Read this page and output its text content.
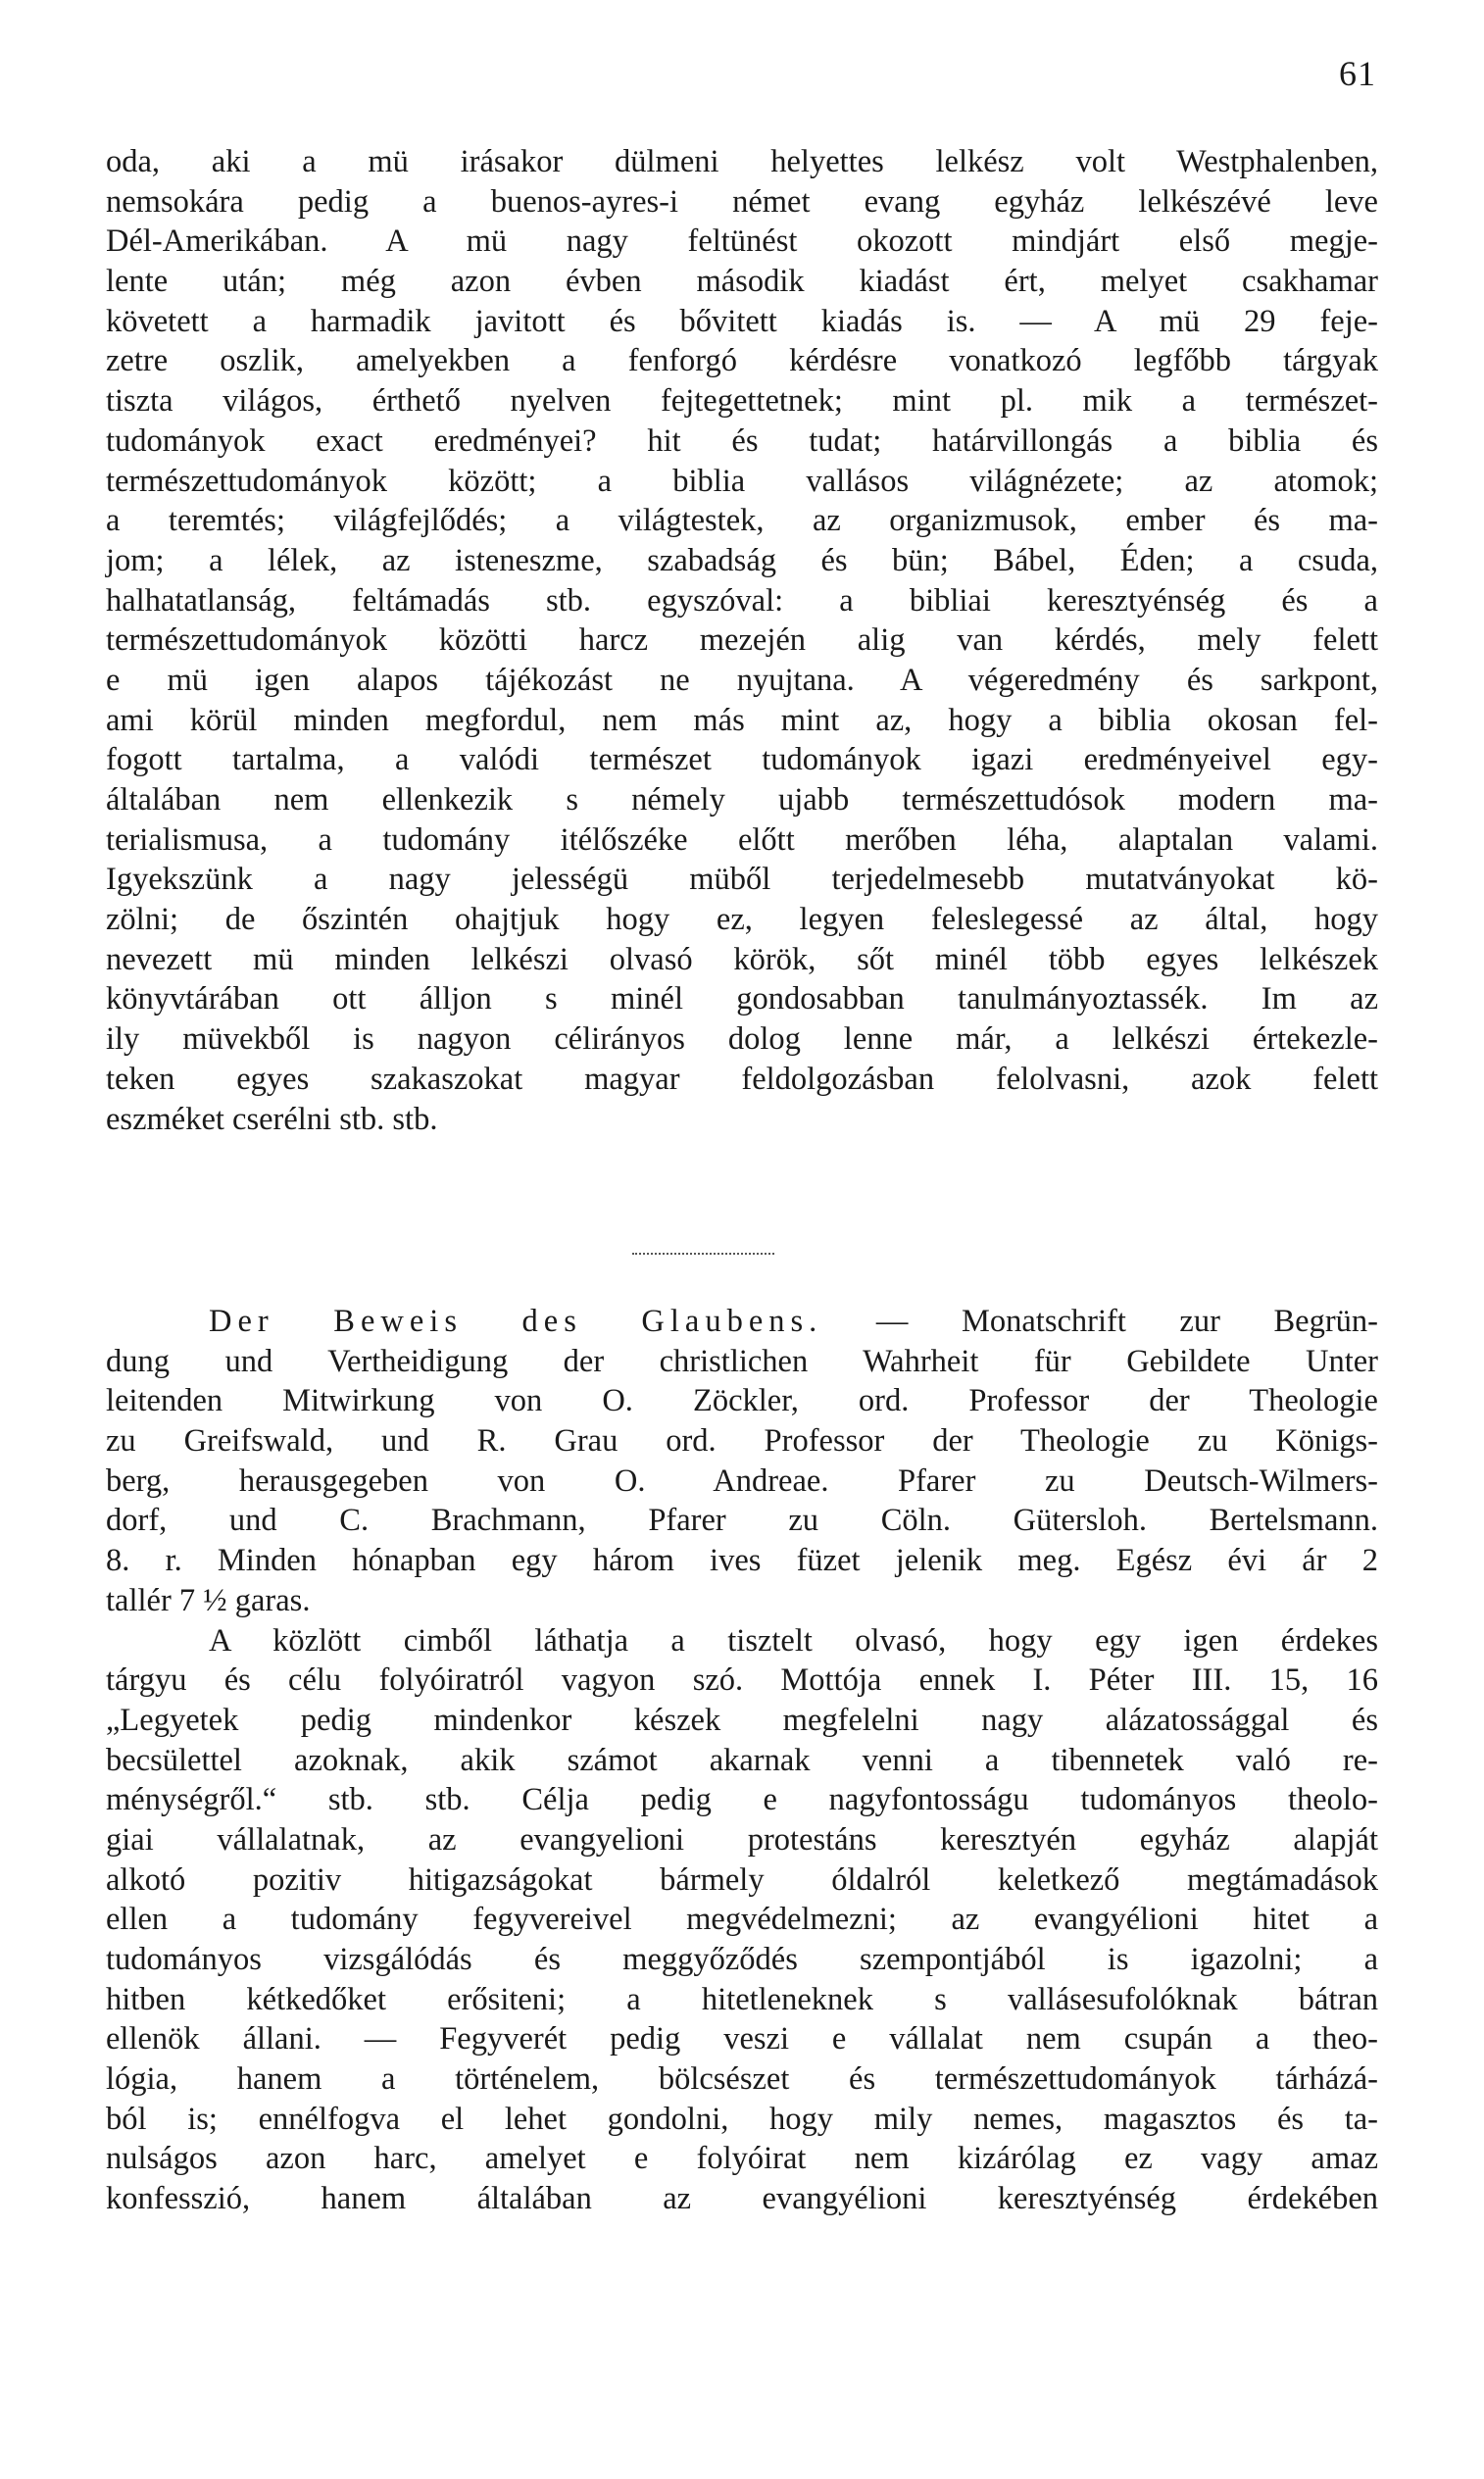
61
oda, aki a mü irásakor dülmeni helyettes lelkész volt Westphalenben,
nemsokára pedig a buenos-ayres-i német evang egyház lelkészévé leve
Dél-Amerikában. A mü nagy feltünést okozott mindjárt első megje-
lente után; még azon évben második kiadást ért, melyet csakhamar
követett a harmadik javitott és bővitett kiadás is. — A mü 29 feje-
zetre oszlik, amelyekben a fenforgó kérdésre vonatkozó legfőbb tárgyak
tiszta világos, érthető nyelven fejtegettetnek; mint pl. mik a természet-
tudományok exact eredményei? hit és tudat; határvillongás a biblia és
természettudományok között; a biblia vallásos világnézete; az atomok;
a teremtés; világfejlődés; a világtestek, az organizmusok, ember és ma-
jom; a lélek, az isteneszme, szabadság és bün; Bábel, Éden; a csuda,
halhatatlanság, feltámadás stb. egyszóval: a bibliai keresztyénség és a
természettudományok közötti harcz mezején alig van kérdés, mely felett
e mü igen alapos tájékozást ne nyujtana. A végeredmény és sarkpont,
ami körül minden megfordul, nem más mint az, hogy a biblia okosan fel-
fogott tartalma, a valódi természet tudományok igazi eredményeivel egy-
általában nem ellenkezik s némely ujabb természettudósok modern ma-
terialismusa, a tudomány itélőszéke előtt merőben léha, alaptalan valami.
Igyekszünk a nagy jelességü müből terjedelmesebb mutatványokat kö-
zölni; de őszintén ohajtjuk hogy ez, legyen feleslegessé az által, hogy
nevezett mü minden lelkészi olvasó körök, sőt minél több egyes lelkészek
könyvtárában ott álljon s minél gondosabban tanulmányoztassék. Im az
ily müvekből is nagyon célirányos dolog lenne már, a lelkészi értekezle-
teken egyes szakaszokat magyar feldolgozásban felolvasni, azok felett
eszméket cserélni stb. stb.
Der Beweis des Glaubens. — Monatschrift zur Begrün-
dung und Vertheidigung der christlichen Wahrheit für Gebildete Unter
leitenden Mitwirkung von O. Zöckler, ord. Professor der Theologie
zu Greifswald, und R. Grau ord. Professor der Theologie zu Königs-
berg, herausgegeben von O. Andreae. Pfarer zu Deutsch-Wilmers-
dorf, und C. Brachmann, Pfarer zu Cöln. Gütersloh. Bertelsmann.
8. r. Minden hónapban egy három ives füzet jelenik meg. Egész évi ár 2
tallér 7 ½ garas.
A közlött cimből láthatja a tisztelt olvasó, hogy egy igen érdekes
tárgyu és célu folyóiratról vagyon szó. Mottója ennek I. Péter III. 15, 16
„Legyetek pedig mindenkor készek megfelelni nagy alázatossággal és
becsülettel azoknak, akik számot akarnak venni a tibennetek való re-
ménységről.“ stb. stb. Célja pedig e nagyfontosságu tudományos theolo-
giai vállalatnak, az evangyelioni protestáns keresztyén egyház alapját
alkotó pozitiv hitigazságokat bármely óldalról keletkező megtámadások
ellen a tudomány fegyvereivel megvédelmezni; az evangyélioni hitet a
tudományos vizsgálódás és meggyőződés szempontjából is igazolni; a
hitben kétkedőket erősiteni; a hitetleneknek s vallásesufolóknak bátran
ellenök állani. — Fegyverét pedig veszi e vállalat nem csupán a theo-
lógia, hanem a történelem, bölcsészet és természettudományok tárházá-
ból is; ennélfogva el lehet gondolni, hogy mily nemes, magasztos és ta-
nulságos azon harc, amelyet e folyóirat nem kizárólag ez vagy amaz
konfesszió, hanem általában az evangyélioni keresztyénség érdekében
